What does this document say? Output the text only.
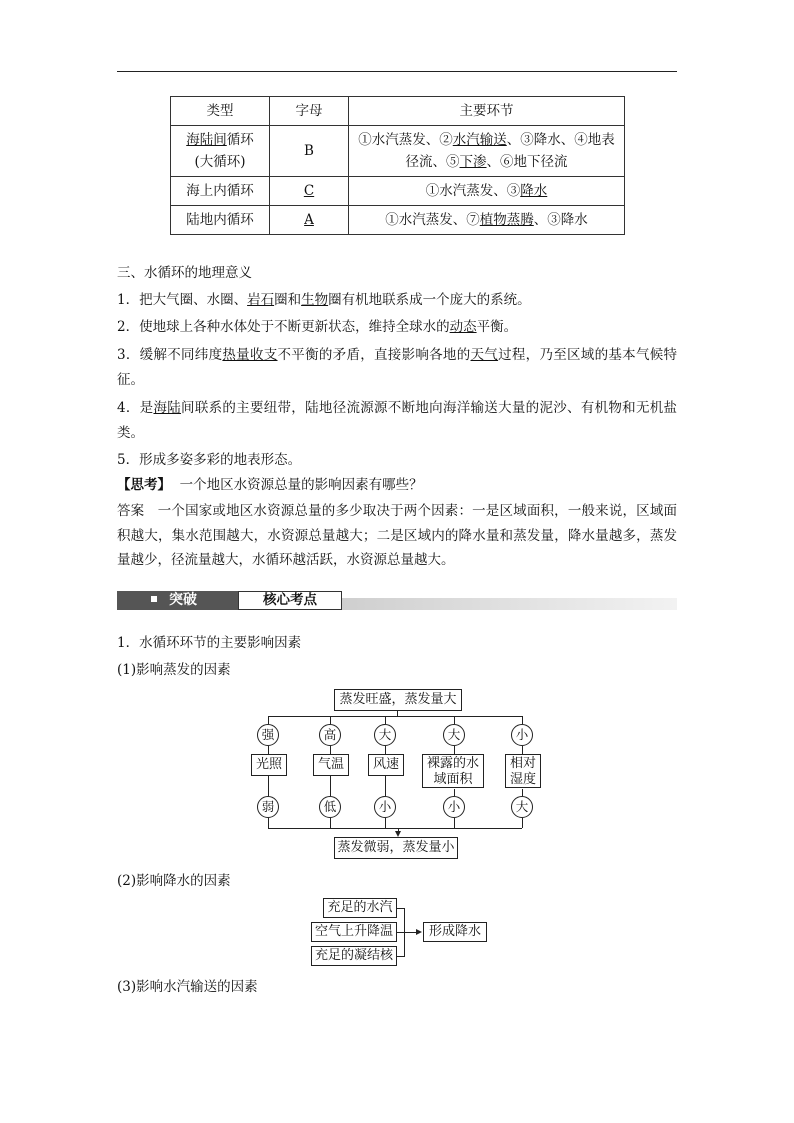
类型	字母	主要环节
海陆间循环
(大循环)	B	①水汽蒸发、②水汽输送、③降水、④地表
径流、⑤下渗、⑥地下径流
海上内循环	C	①水汽蒸发、③降水
陆地内循环	A	①水汽蒸发、⑦植物蒸腾、③降水

三、水循环的地理意义

1．把大气圈、水圈、岩石圈和生物圈有机地联系成一个庞大的系统。

2．使地球上各种水体处于不断更新状态，维持全球水的动态平衡。

3．缓解不同纬度热量收支不平衡的矛盾，直接影响各地的天气过程，乃至区域的基本气候特征。

4．是海陆间联系的主要纽带，陆地径流源源不断地向海洋输送大量的泥沙、有机物和无机盐类。

5．形成多姿多彩的地表形态。

【思考】 一个地区水资源总量的影响因素有哪些？

答案 一个国家或地区水资源总量的多少取决于两个因素：一是区域面积，一般来说，区域面积越大，集水范围越大，水资源总量越大；二是区域内的降水量和蒸发量，降水量越多，蒸发量越少，径流量越大，水循环越活跃，水资源总量越大。

突破	核心考点

1．水循环环节的主要影响因素

(1)影响蒸发的因素

蒸发旺盛，蒸发量大
强	高	大	大	小
光照	气温	风速	裸露的水
域面积
相对
湿度
弱	低	小	小	大
蒸发微弱，蒸发量小

(2)影响降水的因素

充足的水汽
空气上升降温
充足的凝结核
形成降水

(3)影响水汽输送的因素
